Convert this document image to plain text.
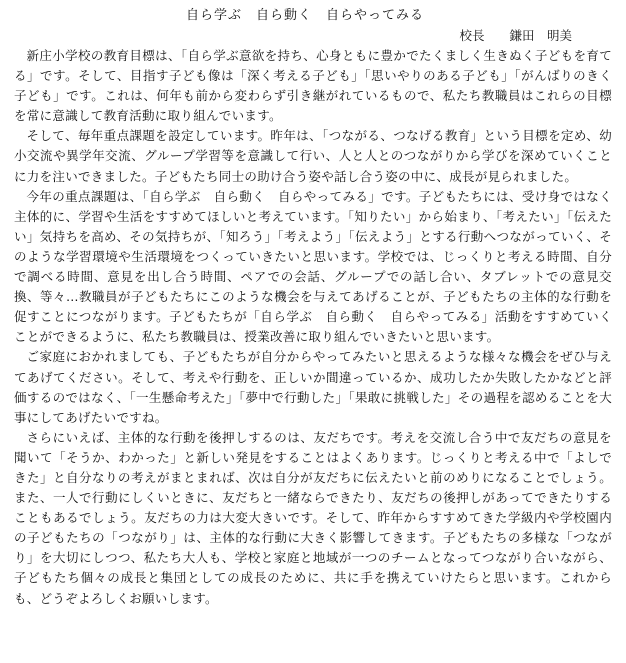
自ら学ぶ　自ら動く　自らやってみる
校長　　鎌田　明美

新庄小学校の教育目標は、「自ら学ぶ意欲を持ち、心身ともに豊かでたくましく生きぬく子どもを育てる」です。そして、目指す子ども像は「深く考える子ども」「思いやりのある子ども」「がんばりのきく子ども」です。これは、何年も前から変わらず引き継がれているもので、私たち教職員はこれらの目標を常に意識して教育活動に取り組んでいます。

そして、毎年重点課題を設定しています。昨年は、「つながる、つなげる教育」という目標を定め、幼小交流や異学年交流、グループ学習等を意識して行い、人と人とのつながりから学びを深めていくことに力を注いできました。子どもたち同士の助け合う姿や話し合う姿の中に、成長が見られました。

今年の重点課題は、「自ら学ぶ　自ら動く　自らやってみる」です。子どもたちには、受け身ではなく主体的に、学習や生活をすすめてほしいと考えています。「知りたい」から始まり、「考えたい」「伝えたい」気持ちを高め、その気持ちが、「知ろう」「考えよう」「伝えよう」とする行動へつながっていく、そのような学習環境や生活環境をつくっていきたいと思います。学校では、じっくりと考える時間、自分で調べる時間、意見を出し合う時間、ペアでの会話、グループでの話し合い、タブレットでの意見交換、等々…教職員が子どもたちにこのような機会を与えてあげることが、子どもたちの主体的な行動を促すことにつながります。子どもたちが「自ら学ぶ　自ら動く　自らやってみる」活動をすすめていくことができるように、私たち教職員は、授業改善に取り組んでいきたいと思います。

ご家庭におかれましても、子どもたちが自分からやってみたいと思えるような様々な機会をぜひ与えてあげてください。そして、考えや行動を、正しいか間違っているか、成功したか失敗したかなどと評価するのではなく、「一生懸命考えた」「夢中で行動した」「果敢に挑戦した」その過程を認めることを大事にしてあげたいですね。

さらにいえば、主体的な行動を後押しするのは、友だちです。考えを交流し合う中で友だちの意見を聞いて「そうか、わかった」と新しい発見をすることはよくあります。じっくりと考える中で「よしできた」と自分なりの考えがまとまれば、次は自分が友だちに伝えたいと前のめりになることでしょう。また、一人で行動にしくいときに、友だちと一緒ならできたり、友だちの後押しがあってできたりすることもあるでしょう。友だちの力は大変大きいです。そして、昨年からすすめてきた学級内や学校園内の子どもたちの「つながり」は、主体的な行動に大きく影響してきます。子どもたちの多様な「つながり」を大切にしつつ、私たち大人も、学校と家庭と地域が一つのチームとなってつながり合いながら、子どもたち個々の成長と集団としての成長のために、共に手を携えていけたらと思います。これからも、どうぞよろしくお願いします。
